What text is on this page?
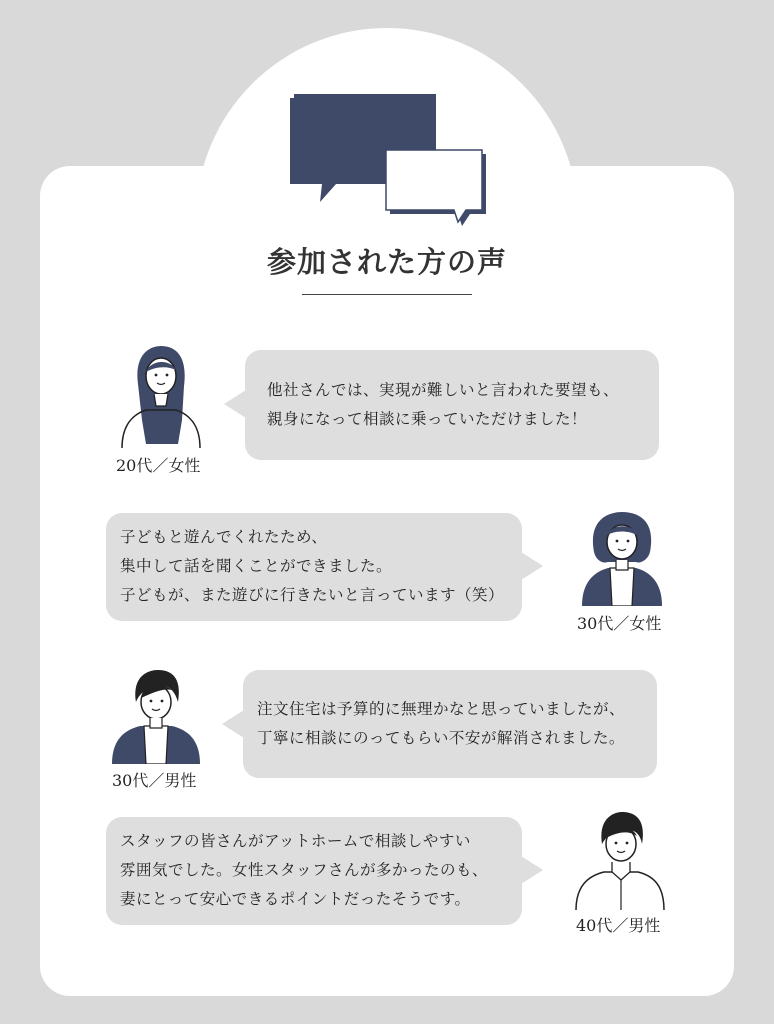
参加された方の声
20代／女性

他社さんでは、実現が難しいと言われた要望も、

親身になって相談に乗っていただけました！

子どもと遊んでくれたため、

集中して話を聞くことができました。

子どもが、また遊びに行きたいと言っています（笑）

30代／女性
30代／男性

注文住宅は予算的に無理かなと思っていましたが、

丁寧に相談にのってもらい不安が解消されました。

スタッフの皆さんがアットホームで相談しやすい

雰囲気でした。女性スタッフさんが多かったのも、

妻にとって安心できるポイントだったそうです。

40代／男性
